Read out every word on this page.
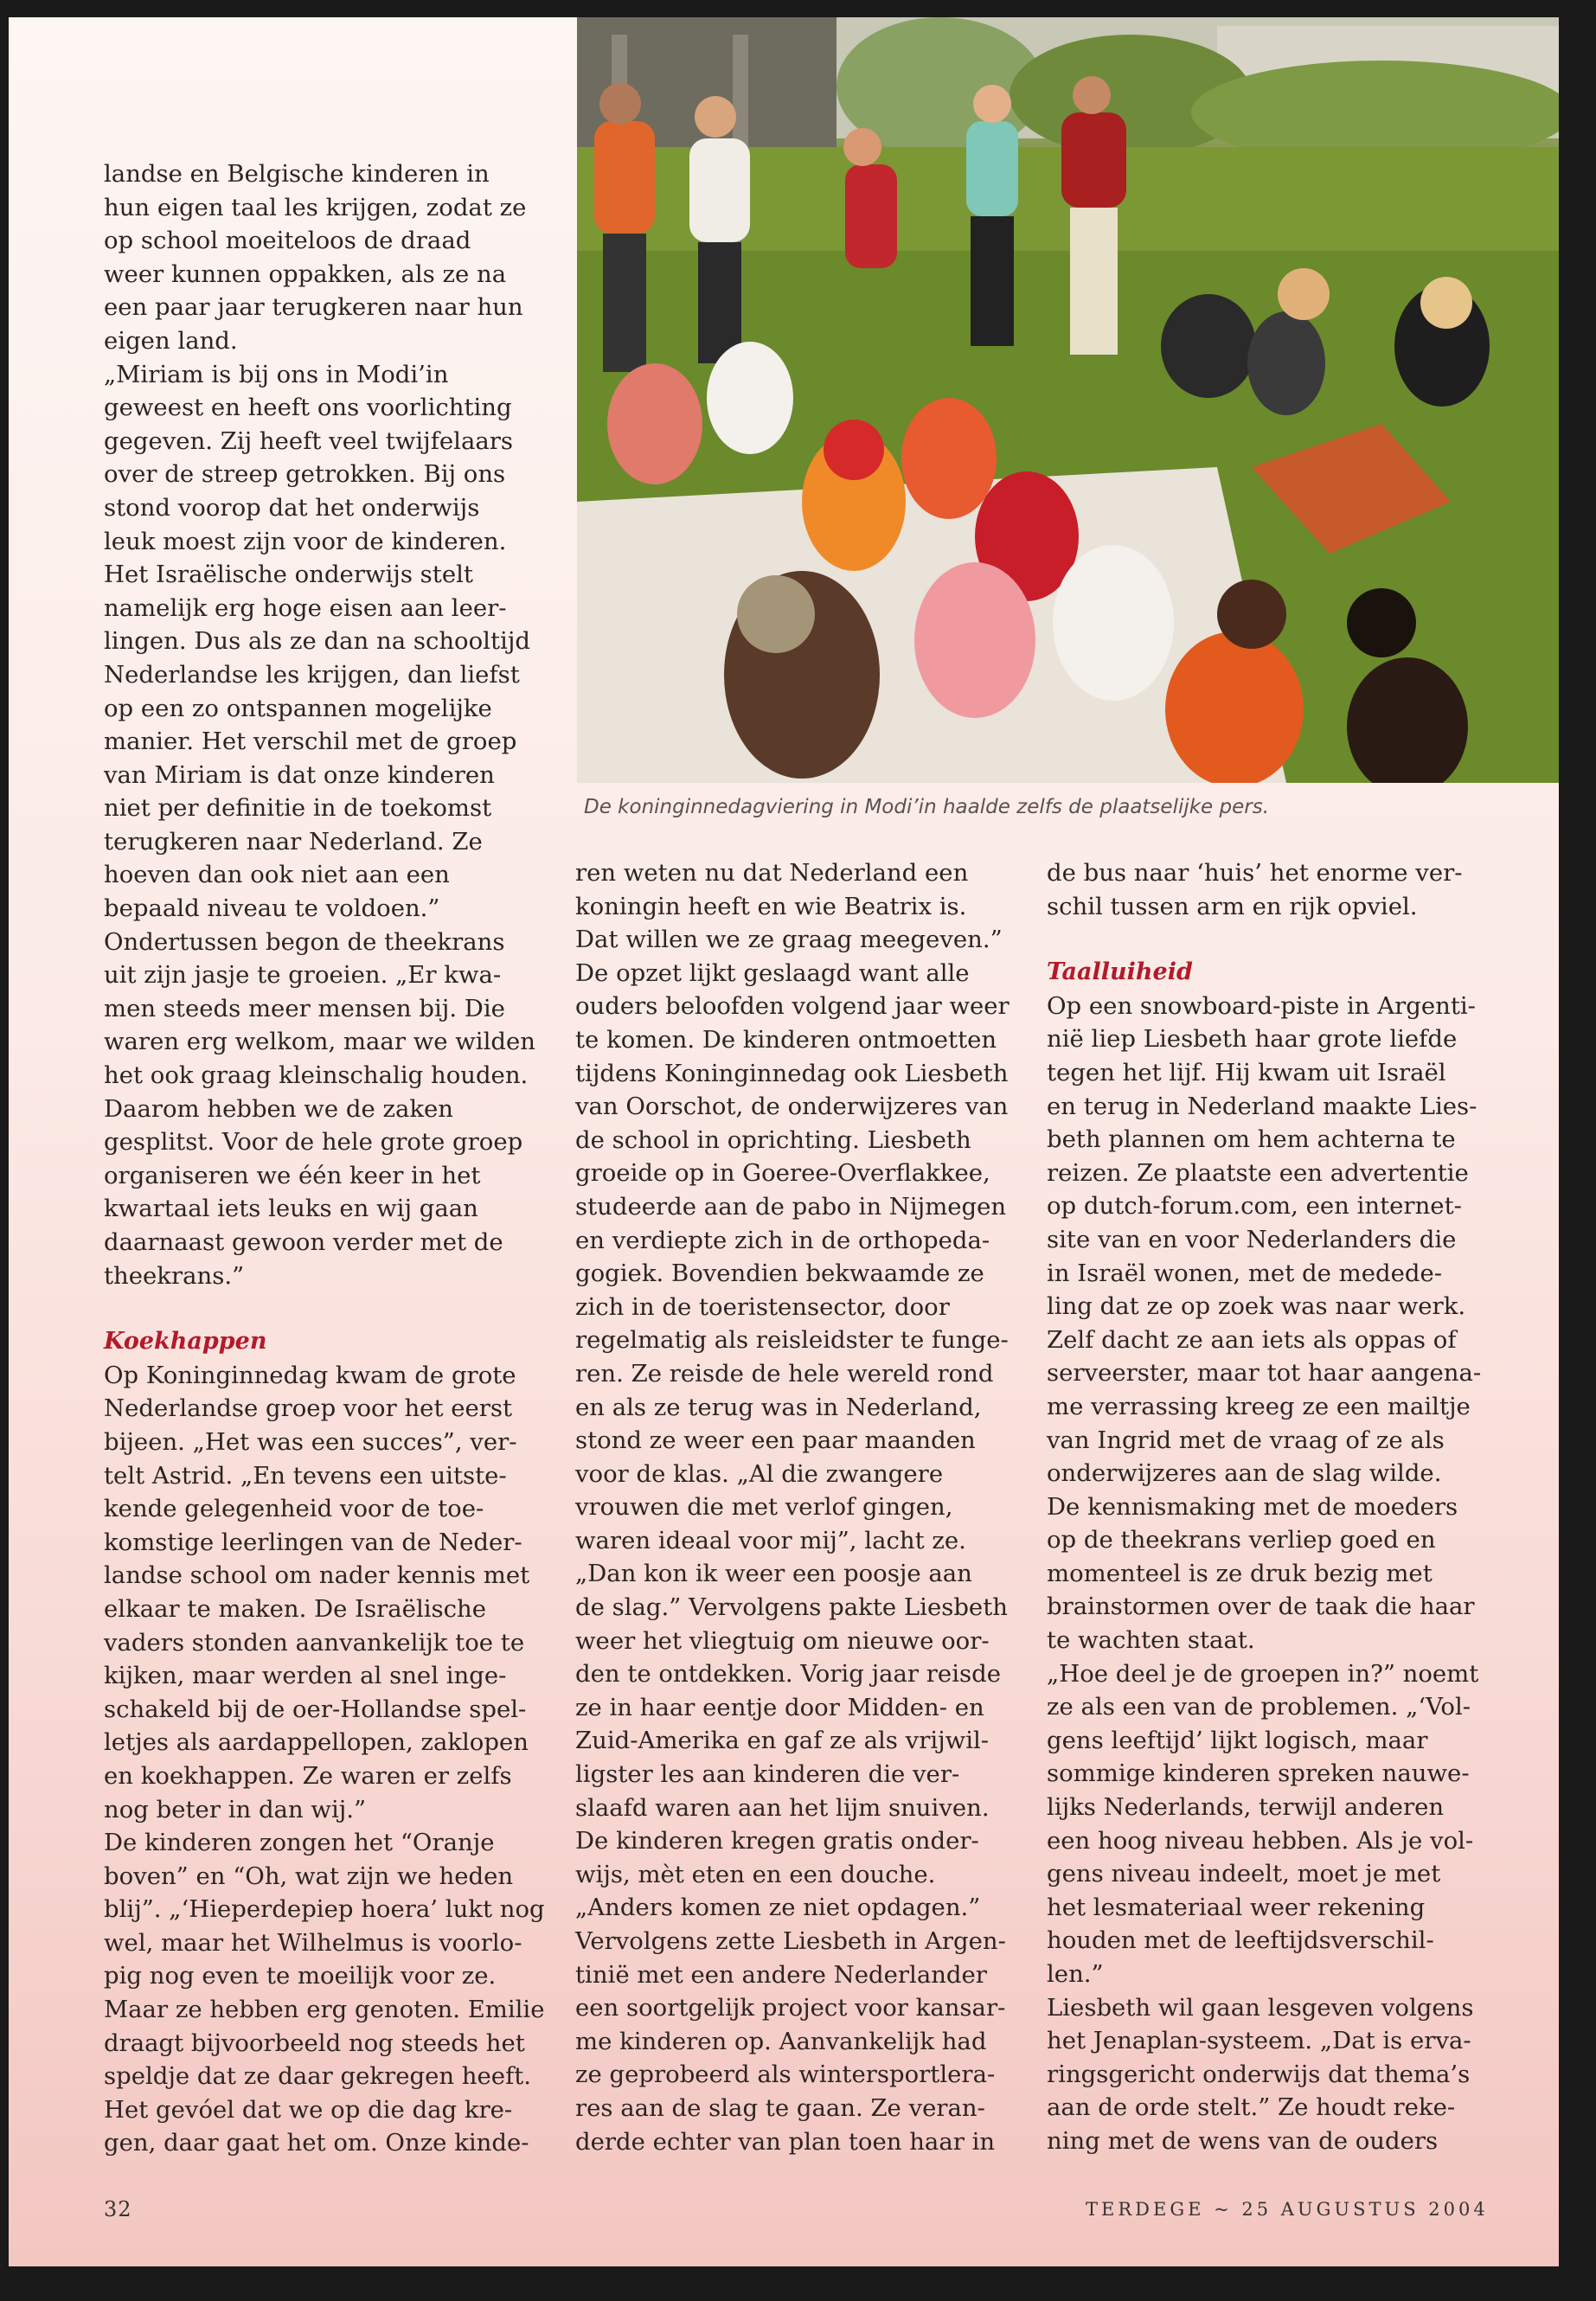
De koninginnedagviering in Modi’in haalde zelfs de plaatselijke pers.

landse en Belgische kinderen in
hun eigen taal les krijgen, zodat ze
op school moeiteloos de draad
weer kunnen oppakken, als ze na
een paar jaar terugkeren naar hun
eigen land.
„Miriam is bij ons in Modi’in
geweest en heeft ons voorlichting
gegeven. Zij heeft veel twijfelaars
over de streep getrokken. Bij ons
stond voorop dat het onderwijs
leuk moest zijn voor de kinderen.
Het Israëlische onderwijs stelt
namelijk erg hoge eisen aan leer-
lingen. Dus als ze dan na schooltijd
Nederlandse les krijgen, dan liefst
op een zo ontspannen mogelijke
manier. Het verschil met de groep
van Miriam is dat onze kinderen
niet per definitie in de toekomst
terugkeren naar Nederland. Ze
hoeven dan ook niet aan een
bepaald niveau te voldoen.”
Ondertussen begon de theekrans
uit zijn jasje te groeien. „Er kwa-
men steeds meer mensen bij. Die
waren erg welkom, maar we wilden
het ook graag kleinschalig houden.
Daarom hebben we de zaken
gesplitst. Voor de hele grote groep
organiseren we één keer in het
kwartaal iets leuks en wij gaan
daarnaast gewoon verder met de
theekrans.”

Koekhappen
Op Koninginnedag kwam de grote
Nederlandse groep voor het eerst
bijeen. „Het was een succes”, ver-
telt Astrid. „En tevens een uitste-
kende gelegenheid voor de toe-
komstige leerlingen van de Neder-
landse school om nader kennis met
elkaar te maken. De Israëlische
vaders stonden aanvankelijk toe te
kijken, maar werden al snel inge-
schakeld bij de oer-Hollandse spel-
letjes als aardappellopen, zaklopen
en koekhappen. Ze waren er zelfs
nog beter in dan wij.”
De kinderen zongen het “Oranje
boven” en “Oh, wat zijn we heden
blij”. „‘Hieperdepiep hoera’ lukt nog
wel, maar het Wilhelmus is voorlo-
pig nog even te moeilijk voor ze.
Maar ze hebben erg genoten. Emilie
draagt bijvoorbeeld nog steeds het
speldje dat ze daar gekregen heeft.
Het gevóel dat we op die dag kre-
gen, daar gaat het om. Onze kinde-

ren weten nu dat Nederland een
koningin heeft en wie Beatrix is.
Dat willen we ze graag meegeven.”
De opzet lijkt geslaagd want alle
ouders beloofden volgend jaar weer
te komen. De kinderen ontmoetten
tijdens Koninginnedag ook Liesbeth
van Oorschot, de onderwijzeres van
de school in oprichting. Liesbeth
groeide op in Goeree-Overflakkee,
studeerde aan de pabo in Nijmegen
en verdiepte zich in de orthopeda-
gogiek. Bovendien bekwaamde ze
zich in de toeristensector, door
regelmatig als reisleidster te funge-
ren. Ze reisde de hele wereld rond
en als ze terug was in Nederland,
stond ze weer een paar maanden
voor de klas. „Al die zwangere
vrouwen die met verlof gingen,
waren ideaal voor mij”, lacht ze.
„Dan kon ik weer een poosje aan
de slag.” Vervolgens pakte Liesbeth
weer het vliegtuig om nieuwe oor-
den te ontdekken. Vorig jaar reisde
ze in haar eentje door Midden- en
Zuid-Amerika en gaf ze als vrijwil-
ligster les aan kinderen die ver-
slaafd waren aan het lijm snuiven.
De kinderen kregen gratis onder-
wijs, mèt eten en een douche.
„Anders komen ze niet opdagen.”
Vervolgens zette Liesbeth in Argen-
tinië met een andere Nederlander
een soortgelijk project voor kansar-
me kinderen op. Aanvankelijk had
ze geprobeerd als wintersportlera-
res aan de slag te gaan. Ze veran-
derde echter van plan toen haar in

de bus naar ‘huis’ het enorme ver-
schil tussen arm en rijk opviel.

Taalluiheid
Op een snowboard-piste in Argenti-
nië liep Liesbeth haar grote liefde
tegen het lijf. Hij kwam uit Israël
en terug in Nederland maakte Lies-
beth plannen om hem achterna te
reizen. Ze plaatste een advertentie
op dutch-forum.com, een internet-
site van en voor Nederlanders die
in Israël wonen, met de medede-
ling dat ze op zoek was naar werk.
Zelf dacht ze aan iets als oppas of
serveerster, maar tot haar aangena-
me verrassing kreeg ze een mailtje
van Ingrid met de vraag of ze als
onderwijzeres aan de slag wilde.
De kennismaking met de moeders
op de theekrans verliep goed en
momenteel is ze druk bezig met
brainstormen over de taak die haar
te wachten staat.
„Hoe deel je de groepen in?” noemt
ze als een van de problemen. „‘Vol-
gens leeftijd’ lijkt logisch, maar
sommige kinderen spreken nauwe-
lijks Nederlands, terwijl anderen
een hoog niveau hebben. Als je vol-
gens niveau indeelt, moet je met
het lesmateriaal weer rekening
houden met de leeftijdsverschil-
len.”
Liesbeth wil gaan lesgeven volgens
het Jenaplan-systeem. „Dat is erva-
ringsgericht onderwijs dat thema’s
aan de orde stelt.” Ze houdt reke-
ning met de wens van de ouders

32	TERDEGE ~ 25 AUGUSTUS 2004
